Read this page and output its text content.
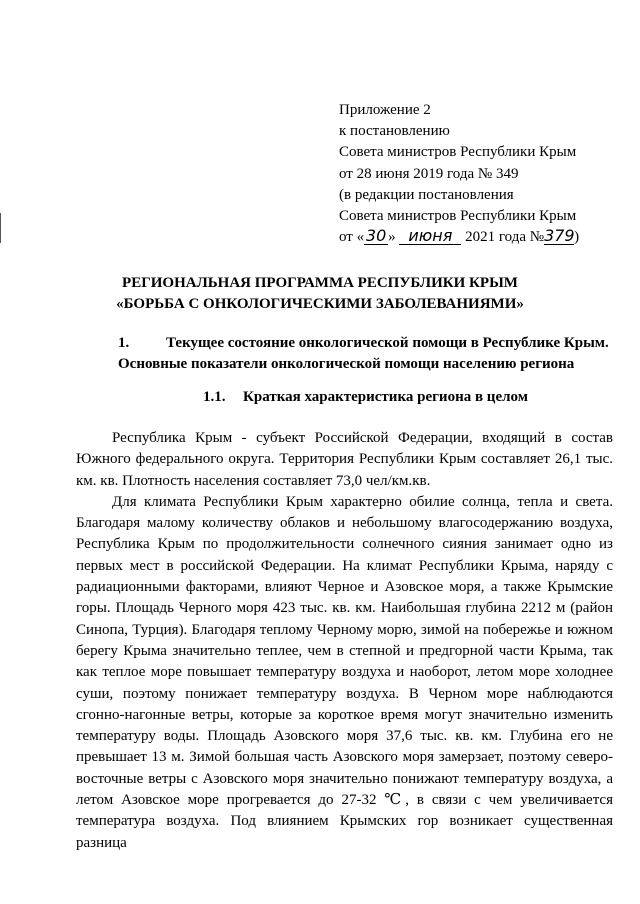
Приложение 2
к постановлению
Совета министров Республики Крым
от 28 июня 2019 года № 349
(в редакции постановления
Совета министров Республики Крым
от « 30 » июня 2021 года №379)
РЕГИОНАЛЬНАЯ ПРОГРАММА РЕСПУБЛИКИ КРЫМ
«БОРЬБА С ОНКОЛОГИЧЕСКИМИ ЗАБОЛЕВАНИЯМИ»
1. Текущее состояние онкологической помощи в Республике Крым.
Основные показатели онкологической помощи населению региона
1.1. Краткая характеристика региона в целом

Республика Крым - субъект Российской Федерации, входящий в состав Южного федерального округа. Территория Республики Крым составляет 26,1 тыс. км. кв. Плотность населения составляет 73,0 чел/км.кв.

Для климата Республики Крым характерно обилие солнца, тепла и света. Благодаря малому количеству облаков и небольшому влагосодержанию воздуха, Республика Крым по продолжительности солнечного сияния занимает одно из первых мест в российской Федерации. На климат Республики Крыма, наряду с радиационными факторами, влияют Черное и Азовское моря, а также Крымские горы. Площадь Черного моря 423 тыс. кв. км. Наибольшая глубина 2212 м (район Синопа, Турция). Благодаря теплому Черному морю, зимой на побережье и южном берегу Крыма значительно теплее, чем в степной и предгорной части Крыма, так как теплое море повышает температуру воздуха и наоборот, летом море холоднее суши, поэтому понижает температуру воздуха. В Черном море наблюдаются сгонно-нагонные ветры, которые за короткое время могут значительно изменить температуру воды. Площадь Азовского моря 37,6 тыс. кв. км. Глубина его не превышает 13 м. Зимой большая часть Азовского моря замерзает, поэтому северо-восточные ветры с Азовского моря значительно понижают температуру воздуха, а летом Азовское море прогревается до 27-32 ℃, в связи с чем увеличивается температура воздуха. Под влиянием Крымских гор возникает существенная разница
